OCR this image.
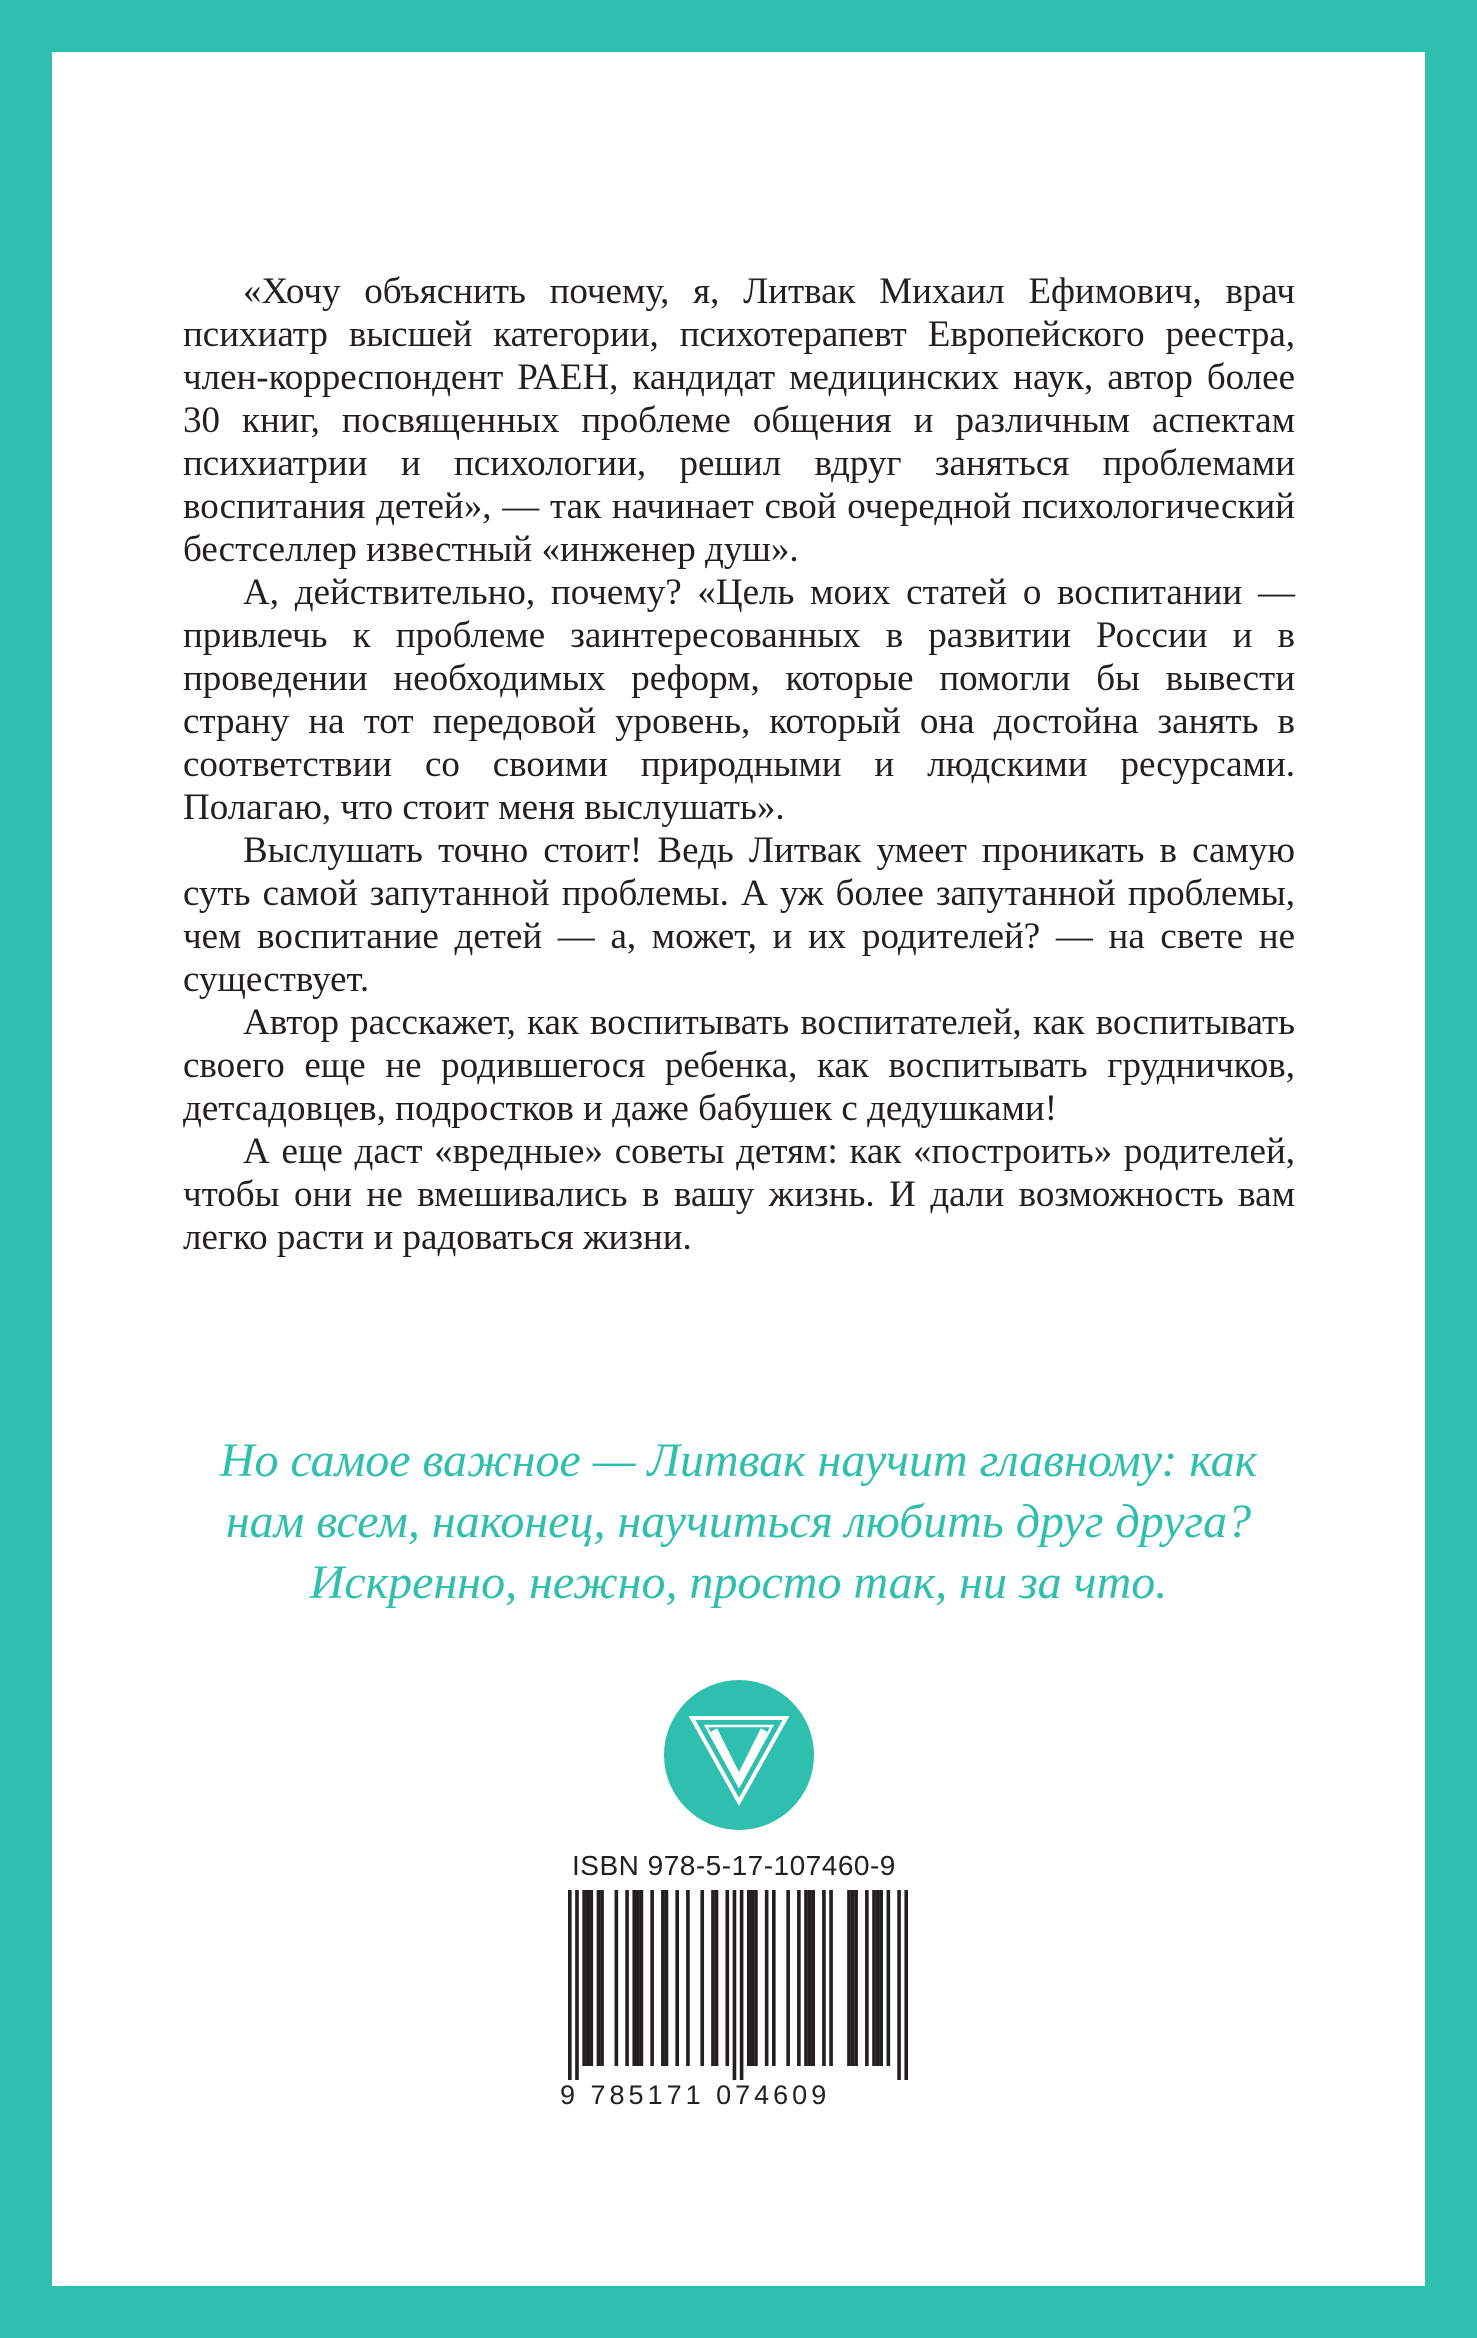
«Хочу объяснить почему, я, Литвак Михаил Ефимович, врач психиатр высшей категории, психотерапевт Европейского реестра, член-корреспондент РАЕН, кандидат медицинских наук, автор более 30 книг, посвященных проблеме общения и различным аспектам психиатрии и психологии, решил вдруг заняться проблемами воспитания детей», — так начинает свой очередной психологический бестселлер известный «инженер душ».

А, действительно, почему? «Цель моих статей о воспитании — привлечь к проблеме заинтересованных в развитии России и в проведении необходимых реформ, которые помогли бы вывести страну на тот передовой уровень, который она достойна занять в соответствии со своими природными и людскими ресурсами. Полагаю, что стоит меня выслушать».

Выслушать точно стоит! Ведь Литвак умеет проникать в самую суть самой запутанной проблемы. А уж более запутанной проблемы, чем воспитание детей — а, может, и их родителей? — на свете не существует.

Автор расскажет, как воспитывать воспитателей, как воспитывать своего еще не родившегося ребенка, как воспитывать грудничков, детсадовцев, подростков и даже бабушек с дедушками!

А еще даст «вредные» советы детям: как «построить» родителей, чтобы они не вмешивались в вашу жизнь. И дали возможность вам легко расти и радоваться жизни.

Но самое важное — Литвак научит главному: как
нам всем, наконец, научиться любить друг друга?
Искренно, нежно, просто так, ни за что.
ISBN 978-5-17-107460-9
9 785171 074609
